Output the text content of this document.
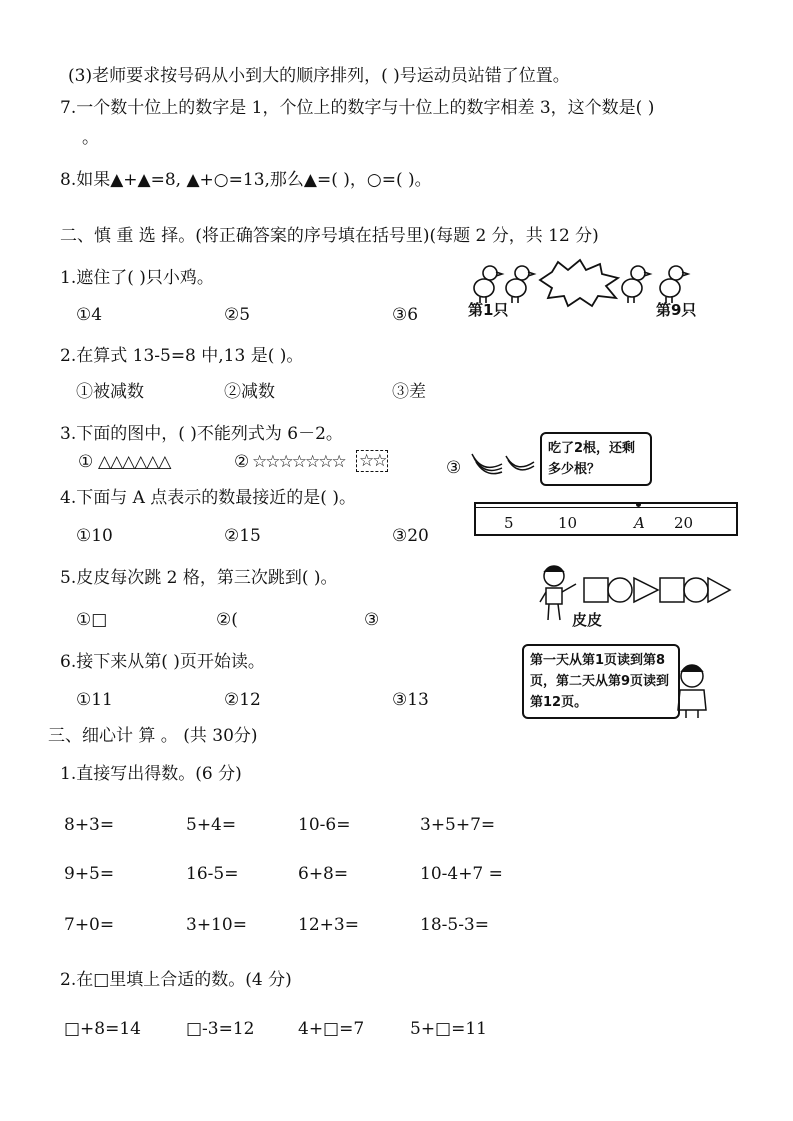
(3)老师要求按号码从小到大的顺序排列，( )号运动员站错了位置。
7.一个数十位上的数字是 1，个位上的数字与十位上的数字相差 3，这个数是( )
。
8.如果▲+▲=8, ▲+○=13,那么▲=( )，○=( )。
二、慎 重 选 择。(将正确答案的序号填在括号里)(每题 2 分，共 12 分)
1.遮住了( )只小鸡。
①4	②5	③6	第1只	第9只
2.在算式 13-5=8 中,13 是( )。
①被减数	②减数	③差
3.下面的图中，( )不能列式为 6－2。
① △△△△△△	② ☆☆☆☆☆☆☆ ☆☆	③
吃了2根，还剩多少根？
4.下面与 A 点表示的数最接近的是( )。
①10	②15	③20
5	10	A 20
5.皮皮每次跳 2 格，第三次跳到( )。
①□	②(	③	皮皮
6.接下来从第( )页开始读。
①11	②12	③13
第一天从第1页读到第8页，第二天从第9页读到第12页。
三、细心计 算 。 (共 30分)
1.直接写出得数。(6 分)
8+3=	5+4=	10-6=	3+5+7=
9+5=	16-5=	6+8=	10-4+7 =
7+0=	3+10=	12+3=	18-5-3=
2.在□里填上合适的数。(4 分)
□+8=14	□-3=12	4+□=7	5+□=11
